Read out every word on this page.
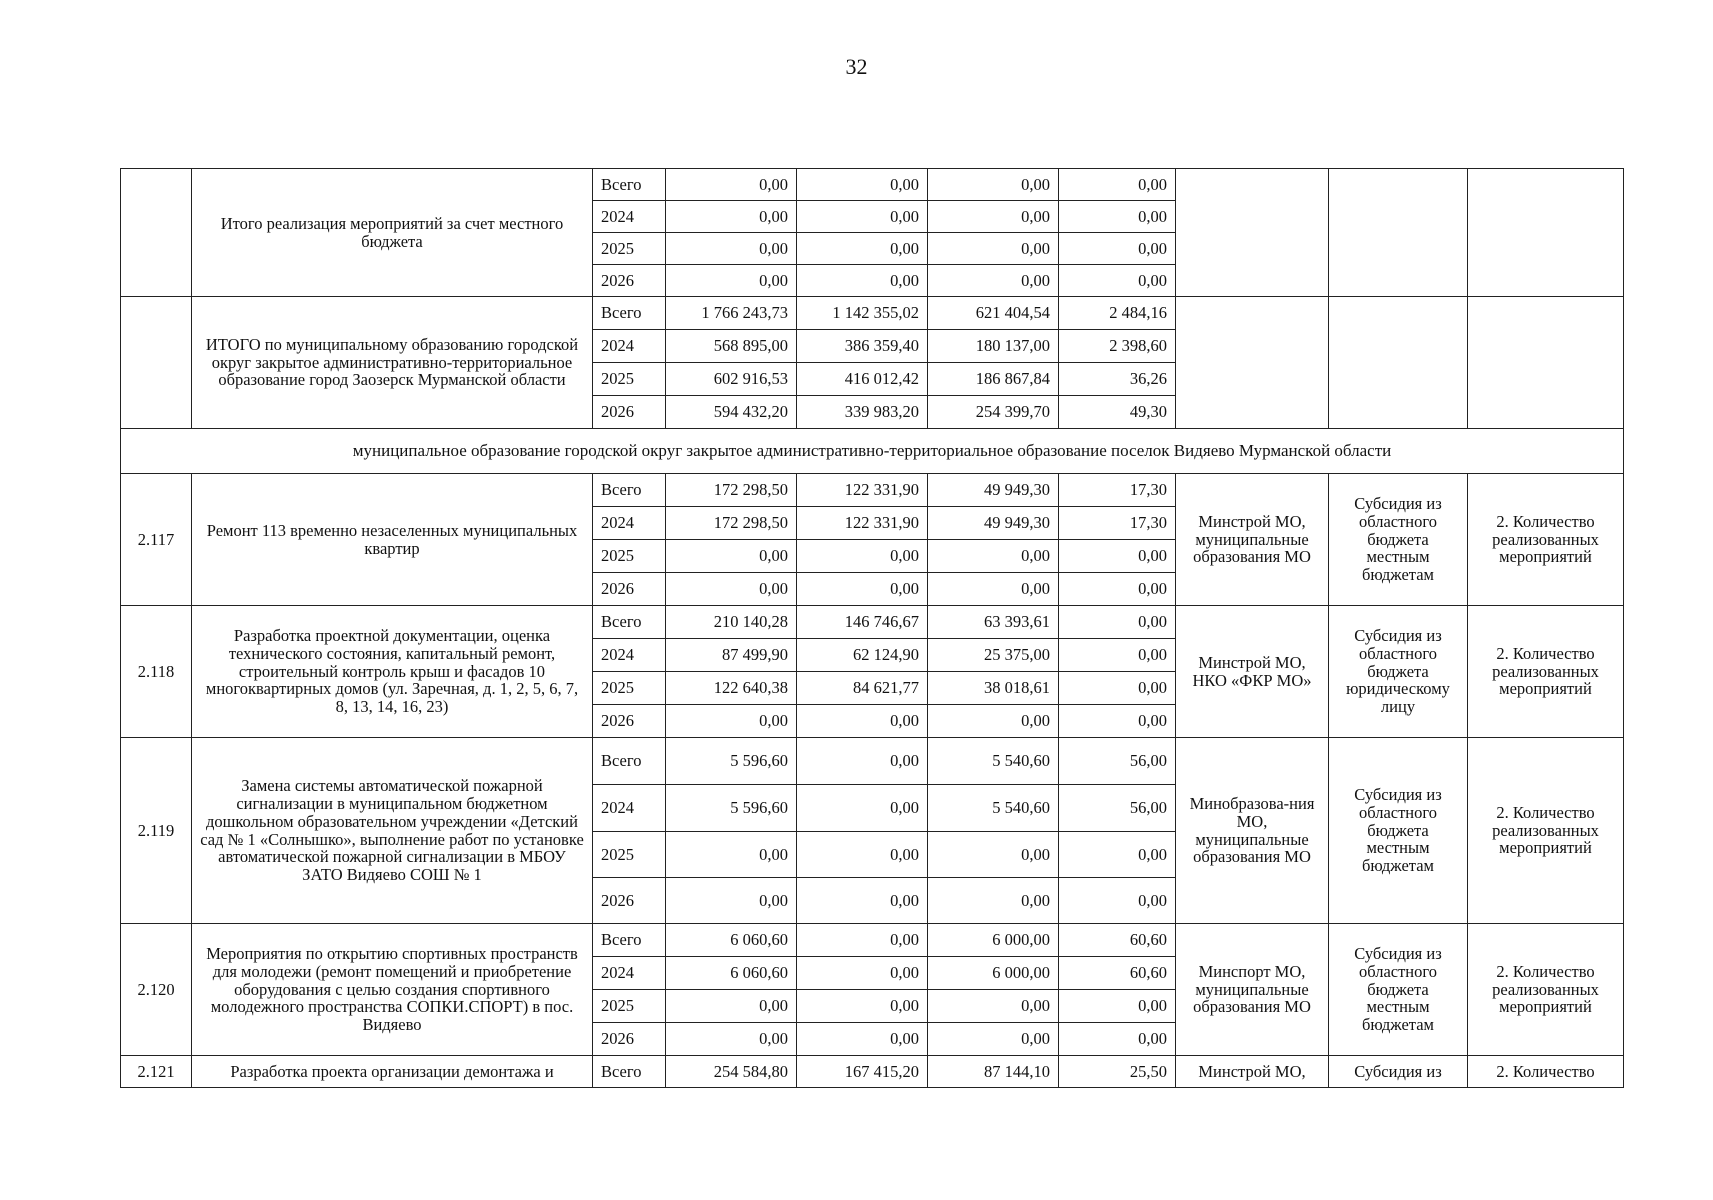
32
	Итого реализация мероприятий за счет местного бюджета	Всего	0,00	0,00	0,00	0,00			
		2024	0,00	0,00	0,00	0,00			
		2025	0,00	0,00	0,00	0,00			
		2026	0,00	0,00	0,00	0,00			
	ИТОГО по муниципальному образованию городской округ закрытое административно-территориальное образование город Заозерск Мурманской области	Всего	1 766 243,73	1 142 355,02	621 404,54	2 484,16			
		2024	568 895,00	386 359,40	180 137,00	2 398,60			
		2025	602 916,53	416 012,42	186 867,84	36,26			
		2026	594 432,20	339 983,20	254 399,70	49,30			
муниципальное образование городской округ закрытое административно-территориальное образование поселок Видяево Мурманской области									
2.117	Ремонт 113 временно незаселенных муниципальных квартир	Всего	172 298,50	122 331,90	49 949,30	17,30	Минстрой МО, муниципальные образования МО	Субсидия из областного бюджета местным бюджетам	2. Количество реализованных мероприятий
		2024	172 298,50	122 331,90	49 949,30	17,30			
		2025	0,00	0,00	0,00	0,00			
		2026	0,00	0,00	0,00	0,00			
2.118	Разработка проектной документации, оценка технического состояния, капитальный ремонт, строительный контроль крыш и фасадов 10 многоквартирных домов (ул. Заречная, д. 1, 2, 5, 6, 7, 8, 13, 14, 16, 23)	Всего	210 140,28	146 746,67	63 393,61	0,00	Минстрой МО, НКО «ФКР МО»	Субсидия из областного бюджета юридическому лицу	2. Количество реализованных мероприятий
		2024	87 499,90	62 124,90	25 375,00	0,00			
		2025	122 640,38	84 621,77	38 018,61	0,00			
		2026	0,00	0,00	0,00	0,00			
2.119	Замена системы автоматической пожарной сигнализации в муниципальном бюджетном дошкольном образовательном учреждении «Детский сад № 1 «Солнышко», выполнение работ по установке автоматической пожарной сигнализации в МБОУ ЗАТО Видяево СОШ № 1	Всего	5 596,60	0,00	5 540,60	56,00	Минобразова-ния МО, муниципальные образования МО	Субсидия из областного бюджета местным бюджетам	2. Количество реализованных мероприятий
		2024	5 596,60	0,00	5 540,60	56,00			
		2025	0,00	0,00	0,00	0,00			
		2026	0,00	0,00	0,00	0,00			
2.120	Мероприятия по открытию спортивных пространств для молодежи (ремонт помещений и приобретение оборудования с целью создания спортивного молодежного пространства СОПКИ.СПОРТ) в пос. Видяево	Всего	6 060,60	0,00	6 000,00	60,60	Минспорт МО, муниципальные образования МО	Субсидия из областного бюджета местным бюджетам	2. Количество реализованных мероприятий
		2024	6 060,60	0,00	6 000,00	60,60			
		2025	0,00	0,00	0,00	0,00			
		2026	0,00	0,00	0,00	0,00			
2.121	Разработка проекта организации демонтажа и	Всего	254 584,80	167 415,20	87 144,10	25,50	Минстрой МО,	Субсидия из	2. Количество
